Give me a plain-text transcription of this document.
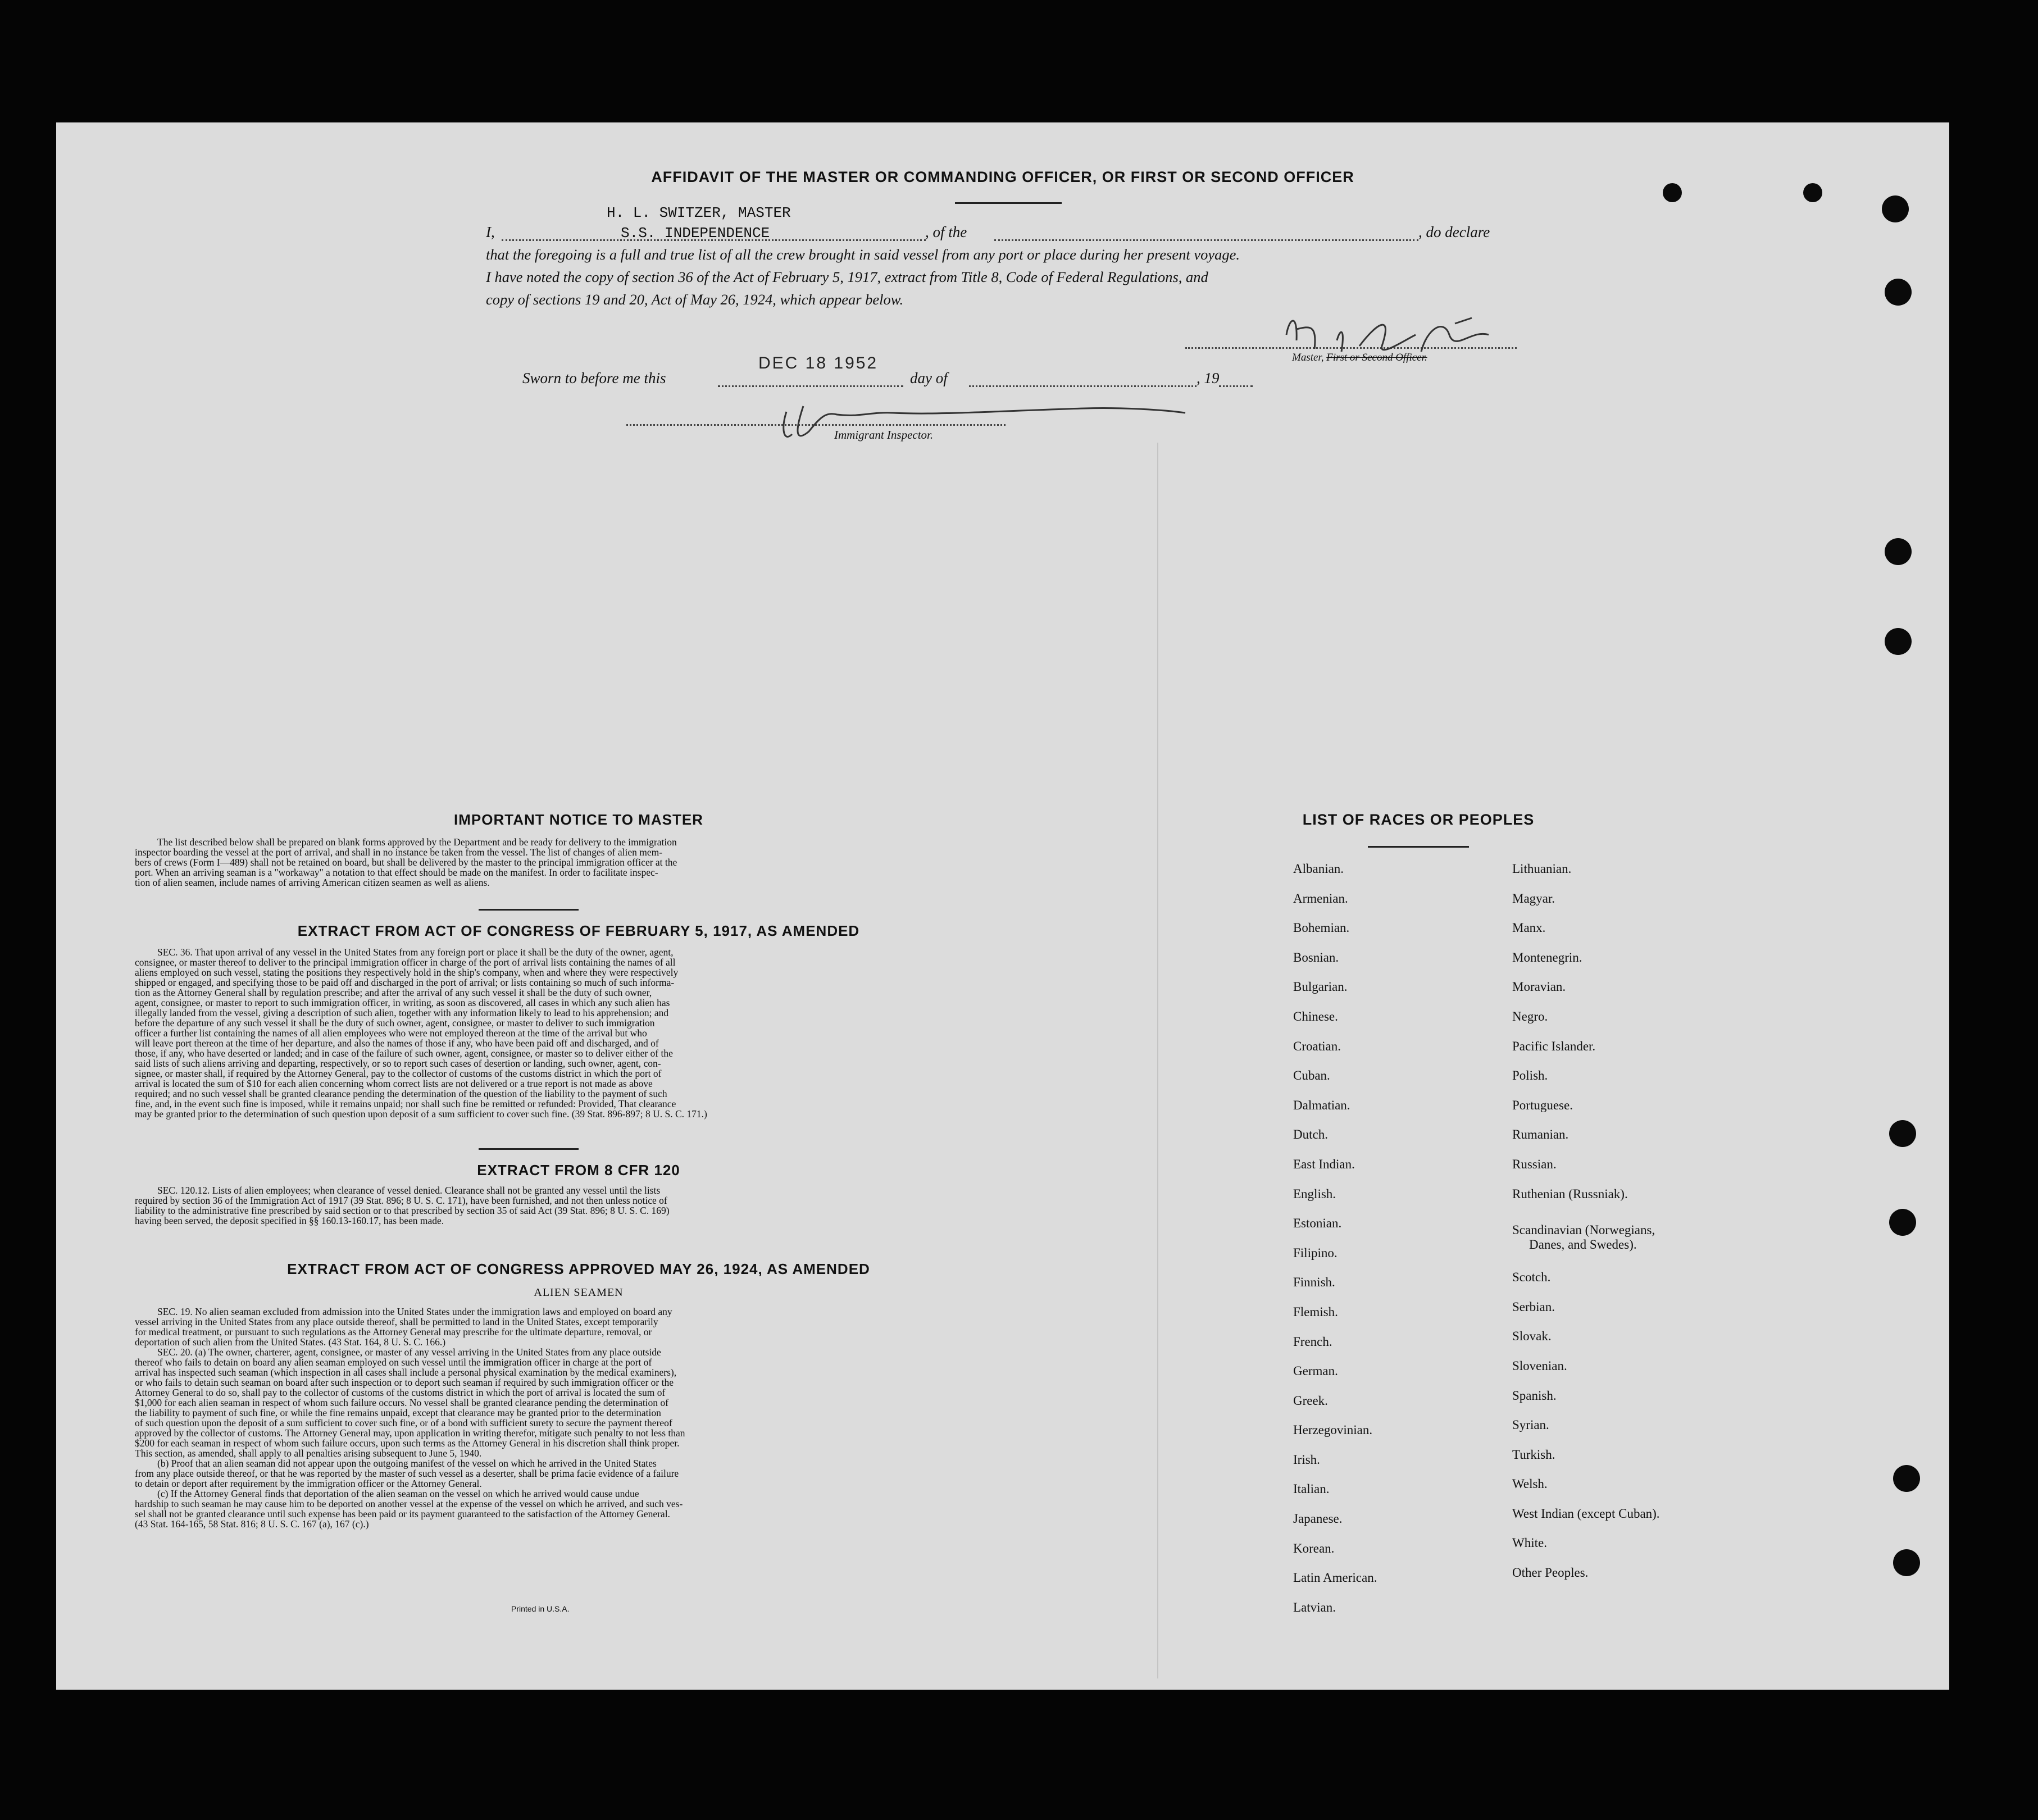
AFFIDAVIT OF THE MASTER OR COMMANDING OFFICER, OR FIRST OR SECOND OFFICER
I,	, of the	, do declare
H. L. SWITZER, MASTER
S.S. INDEPENDENCE
that the foregoing is a full and true list of all the crew brought in said vessel from any port or place during her present voyage.
I have noted the copy of section 36 of the Act of February 5, 1917, extract from Title 8, Code of Federal Regulations, and
copy of sections 19 and 20, Act of May 26, 1924, which appear below.
Master, First or Second Officer.
Sworn to before me this	day of	, 19
DEC 18 1952
Immigrant Inspector.
IMPORTANT NOTICE TO MASTER
The list described below shall be prepared on blank forms approved by the Department and be ready for delivery to the immigration
inspector boarding the vessel at the port of arrival, and shall in no instance be taken from the vessel. The list of changes of alien mem-
bers of crews (Form I—489) shall not be retained on board, but shall be delivered by the master to the principal immigration officer at the
port. When an arriving seaman is a "workaway" a notation to that effect should be made on the manifest. In order to facilitate inspec-
tion of alien seamen, include names of arriving American citizen seamen as well as aliens.
EXTRACT FROM ACT OF CONGRESS OF FEBRUARY 5, 1917, AS AMENDED
SEC. 36. That upon arrival of any vessel in the United States from any foreign port or place it shall be the duty of the owner, agent,
consignee, or master thereof to deliver to the principal immigration officer in charge of the port of arrival lists containing the names of all
aliens employed on such vessel, stating the positions they respectively hold in the ship's company, when and where they were respectively
shipped or engaged, and specifying those to be paid off and discharged in the port of arrival; or lists containing so much of such informa-
tion as the Attorney General shall by regulation prescribe; and after the arrival of any such vessel it shall be the duty of such owner,
agent, consignee, or master to report to such immigration officer, in writing, as soon as discovered, all cases in which any such alien has
illegally landed from the vessel, giving a description of such alien, together with any information likely to lead to his apprehension; and
before the departure of any such vessel it shall be the duty of such owner, agent, consignee, or master to deliver to such immigration
officer a further list containing the names of all alien employees who were not employed thereon at the time of the arrival but who
will leave port thereon at the time of her departure, and also the names of those if any, who have been paid off and discharged, and of
those, if any, who have deserted or landed; and in case of the failure of such owner, agent, consignee, or master so to deliver either of the
said lists of such aliens arriving and departing, respectively, or so to report such cases of desertion or landing, such owner, agent, con-
signee, or master shall, if required by the Attorney General, pay to the collector of customs of the customs district in which the port of
arrival is located the sum of $10 for each alien concerning whom correct lists are not delivered or a true report is not made as above
required; and no such vessel shall be granted clearance pending the determination of the question of the liability to the payment of such
fine, and, in the event such fine is imposed, while it remains unpaid; nor shall such fine be remitted or refunded: Provided, That clearance
may be granted prior to the determination of such question upon deposit of a sum sufficient to cover such fine. (39 Stat. 896-897; 8 U. S. C. 171.)
EXTRACT FROM 8 CFR 120
SEC. 120.12. Lists of alien employees; when clearance of vessel denied. Clearance shall not be granted any vessel until the lists
required by section 36 of the Immigration Act of 1917 (39 Stat. 896; 8 U. S. C. 171), have been furnished, and not then unless notice of
liability to the administrative fine prescribed by said section or to that prescribed by section 35 of said Act (39 Stat. 896; 8 U. S. C. 169)
having been served, the deposit specified in §§ 160.13-160.17, has been made.
EXTRACT FROM ACT OF CONGRESS APPROVED MAY 26, 1924, AS AMENDED
ALIEN SEAMEN
SEC. 19. No alien seaman excluded from admission into the United States under the immigration laws and employed on board any
vessel arriving in the United States from any place outside thereof, shall be permitted to land in the United States, except temporarily
for medical treatment, or pursuant to such regulations as the Attorney General may prescribe for the ultimate departure, removal, or
deportation of such alien from the United States. (43 Stat. 164, 8 U. S. C. 166.)
SEC. 20. (a) The owner, charterer, agent, consignee, or master of any vessel arriving in the United States from any place outside
thereof who fails to detain on board any alien seaman employed on such vessel until the immigration officer in charge at the port of
arrival has inspected such seaman (which inspection in all cases shall include a personal physical examination by the medical examiners),
or who fails to detain such seaman on board after such inspection or to deport such seaman if required by such immigration officer or the
Attorney General to do so, shall pay to the collector of customs of the customs district in which the port of arrival is located the sum of
$1,000 for each alien seaman in respect of whom such failure occurs. No vessel shall be granted clearance pending the determination of
the liability to payment of such fine, or while the fine remains unpaid, except that clearance may be granted prior to the determination
of such question upon the deposit of a sum sufficient to cover such fine, or of a bond with sufficient surety to secure the payment thereof
approved by the collector of customs. The Attorney General may, upon application in writing therefor, mitigate such penalty to not less than
$200 for each seaman in respect of whom such failure occurs, upon such terms as the Attorney General in his discretion shall think proper.
This section, as amended, shall apply to all penalties arising subsequent to June 5, 1940.
(b) Proof that an alien seaman did not appear upon the outgoing manifest of the vessel on which he arrived in the United States
from any place outside thereof, or that he was reported by the master of such vessel as a deserter, shall be prima facie evidence of a failure
to detain or deport after requirement by the immigration officer or the Attorney General.
(c) If the Attorney General finds that deportation of the alien seaman on the vessel on which he arrived would cause undue
hardship to such seaman he may cause him to be deported on another vessel at the expense of the vessel on which he arrived, and such ves-
sel shall not be granted clearance until such expense has been paid or its payment guaranteed to the satisfaction of the Attorney General.
(43 Stat. 164-165, 58 Stat. 816; 8 U. S. C. 167 (a), 167 (c).)
Printed in U.S.A.
LIST OF RACES OR PEOPLES
Albanian.
Armenian.
Bohemian.
Bosnian.
Bulgarian.
Chinese.
Croatian.
Cuban.
Dalmatian.
Dutch.
East Indian.
English.
Estonian.
Filipino.
Finnish.
Flemish.
French.
German.
Greek.
Herzegovinian.
Irish.
Italian.
Japanese.
Korean.
Latin American.
Latvian.
Lithuanian.
Magyar.
Manx.
Montenegrin.
Moravian.
Negro.
Pacific Islander.
Polish.
Portuguese.
Rumanian.
Russian.
Ruthenian (Russniak).
Scandinavian (Norwegians,
Danes, and Swedes).
Scotch.
Serbian.
Slovak.
Slovenian.
Spanish.
Syrian.
Turkish.
Welsh.
West Indian (except Cuban).
White.
Other Peoples.
